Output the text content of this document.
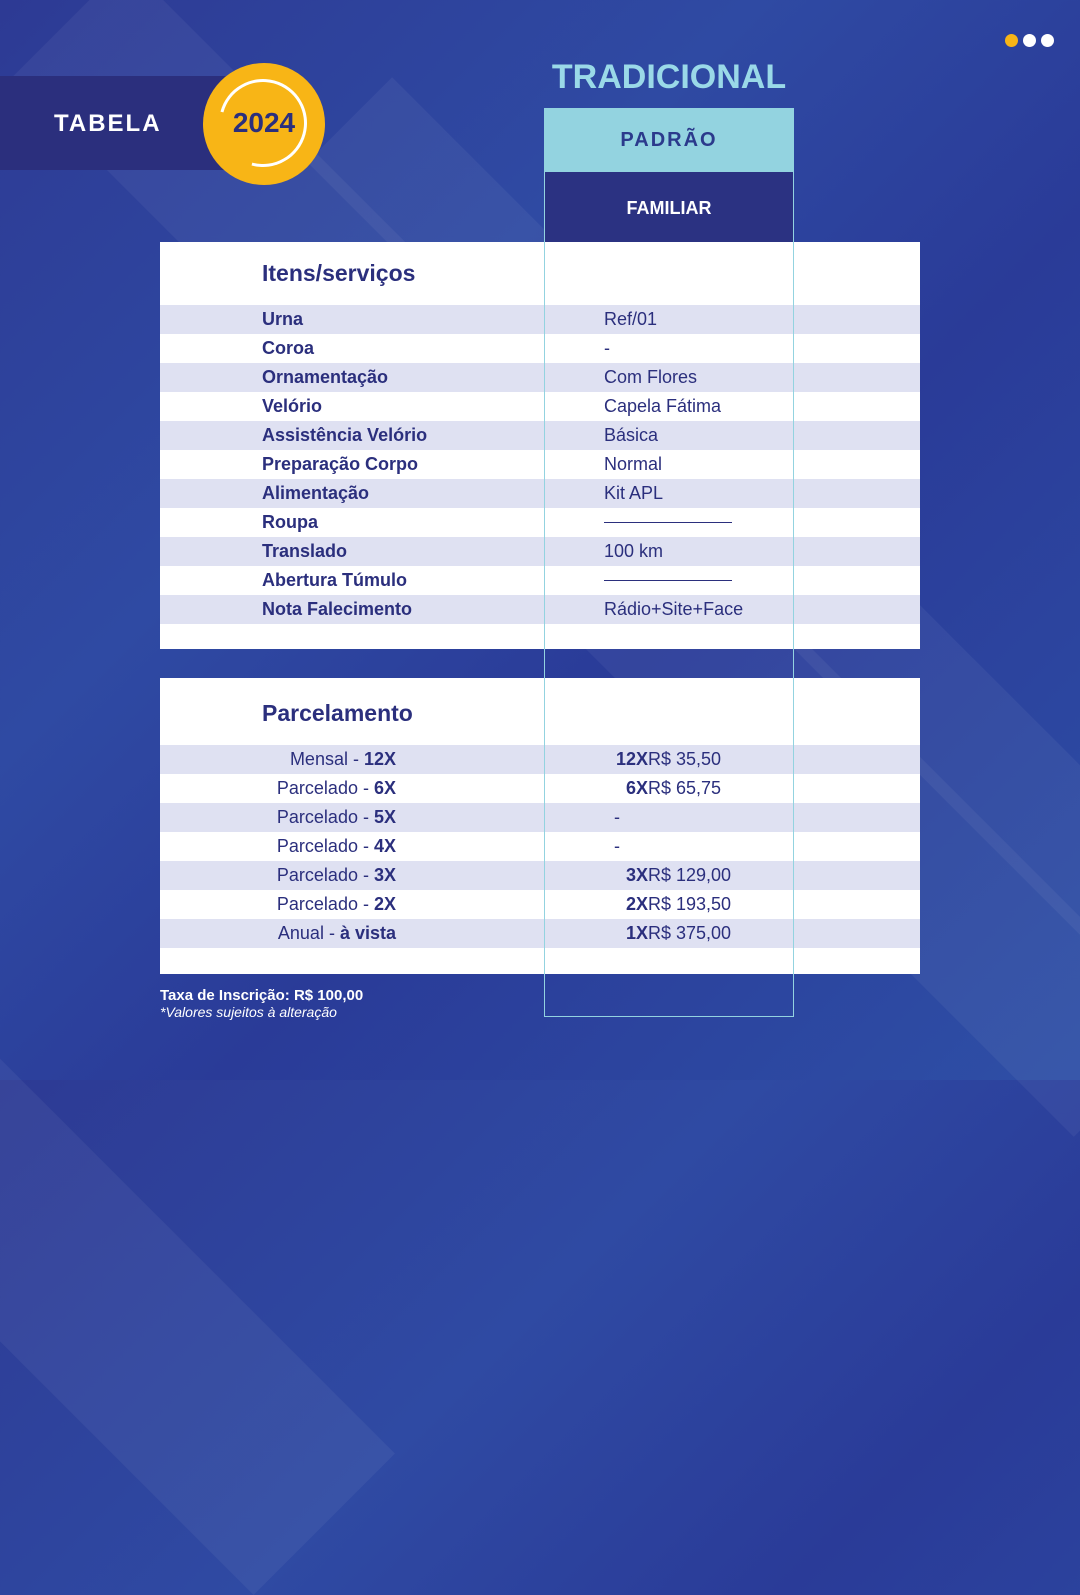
TABELA	2024
TRADICIONAL
PADRÃO
FAMILIAR
Itens/serviços
Urna	Ref/01
Coroa	-
Ornamentação	Com Flores
Velório	Capela Fátima
Assistência Velório	Básica
Preparação Corpo	Normal
Alimentação	Kit APL
Roupa
Translado	100 km
Abertura Túmulo
Nota Falecimento	Rádio+Site+Face
Parcelamento
Mensal - 12X	12X R$ 35,50
Parcelado - 6X	6X R$ 65,75
Parcelado - 5X	-
Parcelado - 4X	-
Parcelado - 3X	3X R$ 129,00
Parcelado - 2X	2X R$ 193,50
Anual - à vista	1X R$ 375,00
Taxa de Inscrição: R$ 100,00
*Valores sujeitos à alteração
